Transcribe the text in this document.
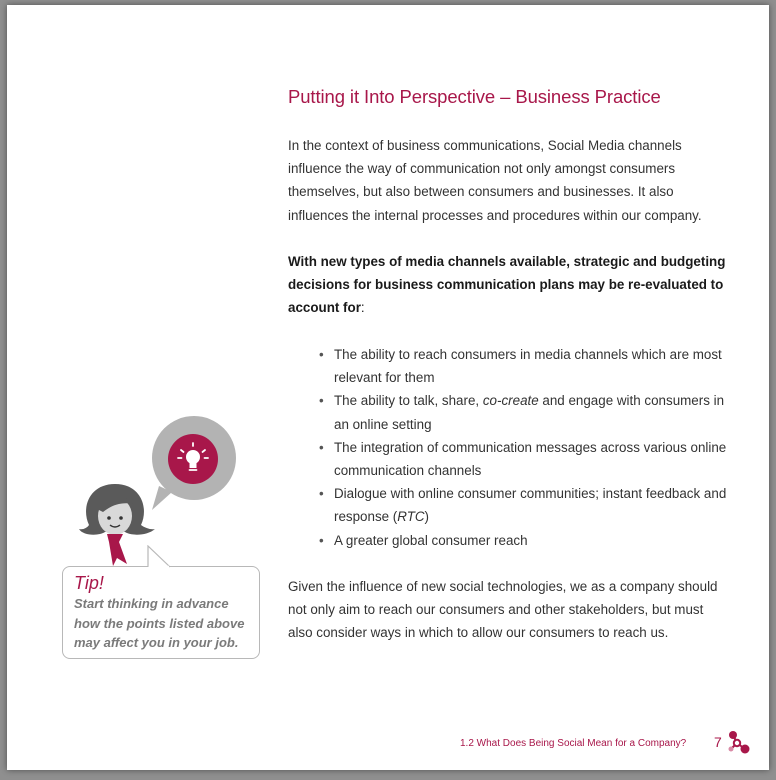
Putting it Into Perspective – Business Practice

In the context of business communications, Social Media channels influence the way of communication not only amongst consumers themselves, but also between consumers and businesses. It also influences the internal processes and procedures within our company.

With new types of media channels available, strategic and budgeting decisions for business communication plans may be re-evaluated to account for:

• The ability to reach consumers in media channels which are most relevant for them
• The ability to talk, share, co-create and engage with consumers in an online setting
• The integration of communication messages across various online communication channels
• Dialogue with online consumer communities; instant feedback and response (RTC)
• A greater global consumer reach

Given the influence of new social technologies, we as a company should not only aim to reach our consumers and other stakeholders, but must also consider ways in which to allow our consumers to reach us.

Tip!

Start thinking in advance how the points listed above may affect you in your job.

1.2 What Does Being Social Mean for a Company? 7
